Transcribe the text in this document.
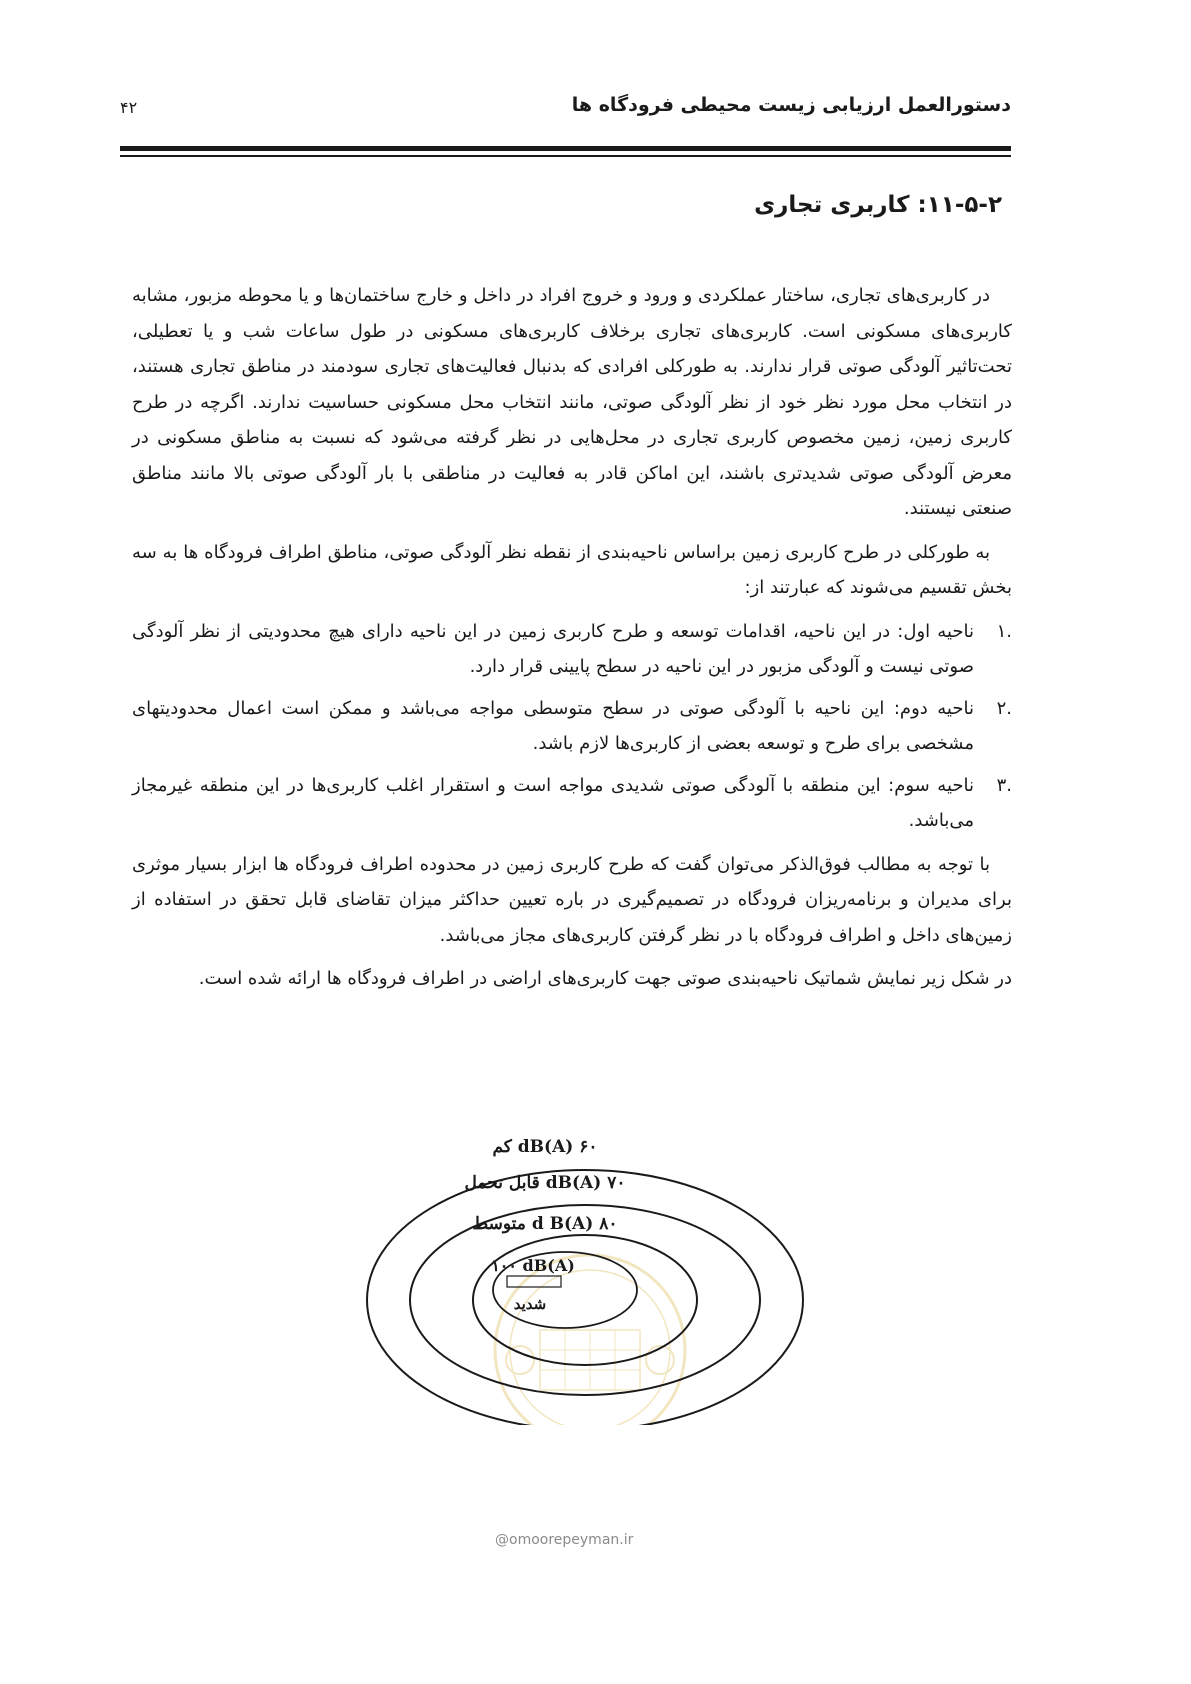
دستورالعمل ارزیابی زیست محیطی فرودگاه ها
۴۲
۱۱-۵-۲: کاربری تجاری

در کاربری‌های تجاری، ساختار عملکردی و ورود و خروج افراد در داخل و خارج ساختمان‌ها و یا محوطه مزبور، مشابه کاربری‌های مسکونی است. کاربری‌های تجاری برخلاف کاربری‌های مسکونی در طول ساعات شب و یا تعطیلی، تحت‌تاثیر آلودگی صوتی قرار ندارند. به طورکلی افرادی که بدنبال فعالیت‌های تجاری سودمند در مناطق تجاری هستند، در انتخاب محل مورد نظر خود از نظر آلودگی صوتی، مانند انتخاب محل مسکونی حساسیت ندارند. اگرچه در طرح کاربری زمین، زمین مخصوص کاربری تجاری در محل‌هایی در نظر گرفته می‌شود که نسبت به مناطق مسکونی در معرض آلودگی صوتی شدیدتری باشند، این اماکن قادر به فعالیت در مناطقی با بار آلودگی صوتی بالا مانند مناطق صنعتی نیستند.

به طورکلی در طرح کاربری زمین براساس ناحیه‌بندی از نقطه نظر آلودگی صوتی، مناطق اطراف فرودگاه ها به سه بخش تقسیم می‌شوند که عبارتند از:

.۱
ناحیه اول: در این ناحیه، اقدامات توسعه و طرح کاربری زمین در این ناحیه دارای هیچ محدودیتی از نظر آلودگی صوتی نیست و آلودگی مزبور در این ناحیه در سطح پایینی قرار دارد.
.۲
ناحیه دوم: این ناحیه با آلودگی صوتی در سطح متوسطی مواجه می‌باشد و ممکن است اعمال محدودیتهای مشخصی برای طرح و توسعه بعضی از کاربری‌ها لازم باشد.
.۳
ناحیه سوم: این منطقه با آلودگی صوتی شدیدی مواجه است و استقرار اغلب کاربری‌ها در این منطقه غیرمجاز می‌باشد.

با توجه به مطالب فوق‌الذکر می‌توان گفت که طرح کاربری زمین در محدوده اطراف فرودگاه ها ابزار بسیار موثری برای مدیران و برنامه‌ریزان فرودگاه در تصمیم‌گیری در باره تعیین حداکثر میزان تقاضای قابل تحقق در استفاده از زمین‌های داخل و اطراف فرودگاه با در نظر گرفتن کاربری‌های مجاز می‌باشد.

در شکل زیر نمایش شماتیک ناحیه‌بندی صوتی جهت کاربری‌های اراضی در اطراف فرودگاه ها ارائه شده است.

۶۰ dB(A) کم
۷۰ dB(A) قابل تحمل
۸۰ d B(A) متوسط
۱۰۰ dB(A)
شدید
@omoorepeyman.ir
